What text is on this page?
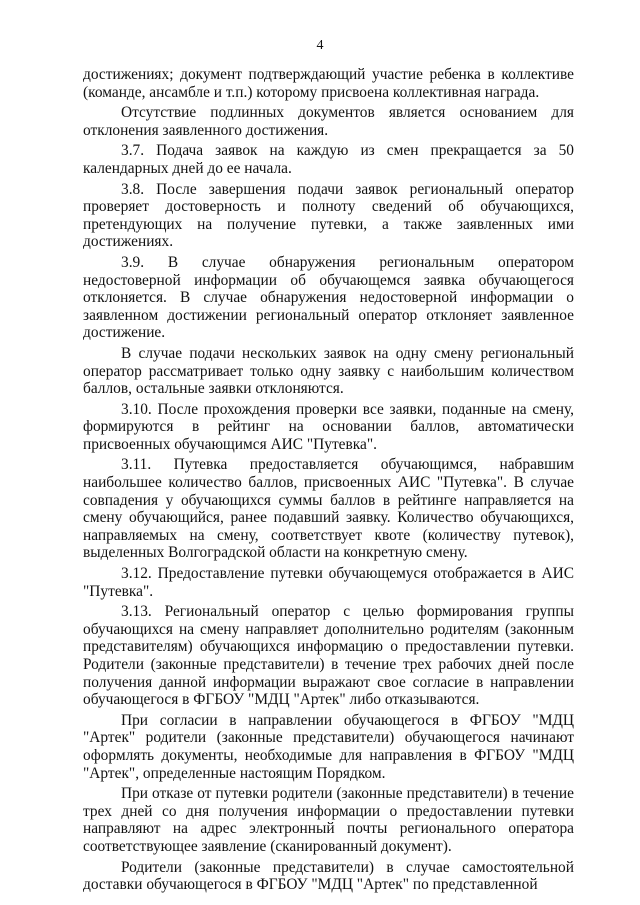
4

достижениях; документ подтверждающий участие ребенка в коллективе (команде, ансамбле и т.п.) которому присвоена коллективная награда.

Отсутствие подлинных документов является основанием для отклонения заявленного достижения.

3.7. Подача заявок на каждую из смен прекращается за 50 календарных дней до ее начала.

3.8. После завершения подачи заявок региональный оператор проверяет достоверность и полноту сведений об обучающихся, претендующих на получение путевки, а также заявленных ими достижениях.

3.9. В случае обнаружения региональным оператором недостоверной информации об обучающемся заявка обучающегося отклоняется. В случае обнаружения недостоверной информации о заявленном достижении региональный оператор отклоняет заявленное достижение.

В случае подачи нескольких заявок на одну смену региональный оператор рассматривает только одну заявку с наибольшим количеством баллов, остальные заявки отклоняются.

3.10. После прохождения проверки все заявки, поданные на смену, формируются в рейтинг на основании баллов, автоматически присвоенных обучающимся АИС "Путевка".

3.11. Путевка предоставляется обучающимся, набравшим наибольшее количество баллов, присвоенных АИС "Путевка". В случае совпадения у обучающихся суммы баллов в рейтинге направляется на смену обучающийся, ранее подавший заявку. Количество обучающихся, направляемых на смену, соответствует квоте (количеству путевок), выделенных Волгоградской области на конкретную смену.

3.12. Предоставление путевки обучающемуся отображается в АИС "Путевка".

3.13. Региональный оператор с целью формирования группы обучающихся на смену направляет дополнительно родителям (законным представителям) обучающихся информацию о предоставлении путевки. Родители (законные представители) в течение трех рабочих дней после получения данной информации выражают свое согласие в направлении обучающегося в ФГБОУ "МДЦ "Артек" либо отказываются.

При согласии в направлении обучающегося в ФГБОУ "МДЦ "Артек" родители (законные представители) обучающегося начинают оформлять документы, необходимые для направления в ФГБОУ "МДЦ "Артек", определенные настоящим Порядком.

При отказе от путевки родители (законные представители) в течение трех дней со дня получения информации о предоставлении путевки направляют на адрес электронный почты регионального оператора соответствующее заявление (сканированный документ).

Родители (законные представители) в случае самостоятельной доставки обучающегося в ФГБОУ "МДЦ "Артек" по представленной
